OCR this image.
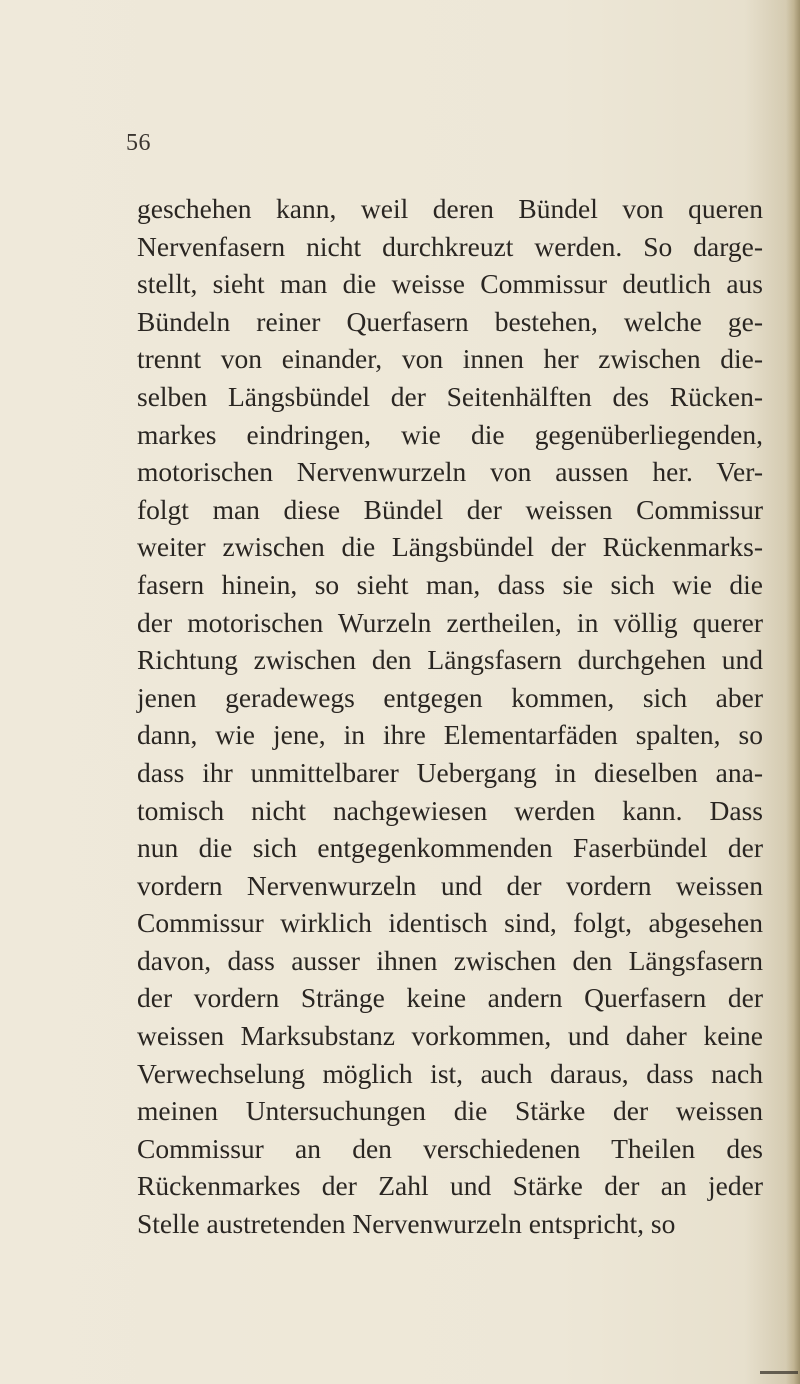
56
geschehen kann, weil deren Bündel von queren
Nervenfasern nicht durchkreuzt werden. So darge-
stellt, sieht man die weisse Commissur deutlich aus
Bündeln reiner Querfasern bestehen, welche ge-
trennt von einander, von innen her zwischen die-
selben Längsbündel der Seitenhälften des Rücken-
markes eindringen, wie die gegenüberliegenden,
motorischen Nervenwurzeln von aussen her. Ver-
folgt man diese Bündel der weissen Commissur
weiter zwischen die Längsbündel der Rückenmarks-
fasern hinein, so sieht man, dass sie sich wie die
der motorischen Wurzeln zertheilen, in völlig querer
Richtung zwischen den Längsfasern durchgehen und
jenen geradewegs entgegen kommen, sich aber
dann, wie jene, in ihre Elementarfäden spalten, so
dass ihr unmittelbarer Uebergang in dieselben ana-
tomisch nicht nachgewiesen werden kann. Dass
nun die sich entgegenkommenden Faserbündel der
vordern Nervenwurzeln und der vordern weissen
Commissur wirklich identisch sind, folgt, abgesehen
davon, dass ausser ihnen zwischen den Längsfasern
der vordern Stränge keine andern Querfasern der
weissen Marksubstanz vorkommen, und daher keine
Verwechselung möglich ist, auch daraus, dass nach
meinen Untersuchungen die Stärke der weissen
Commissur an den verschiedenen Theilen des
Rückenmarkes der Zahl und Stärke der an jeder
Stelle austretenden Nervenwurzeln entspricht, so
